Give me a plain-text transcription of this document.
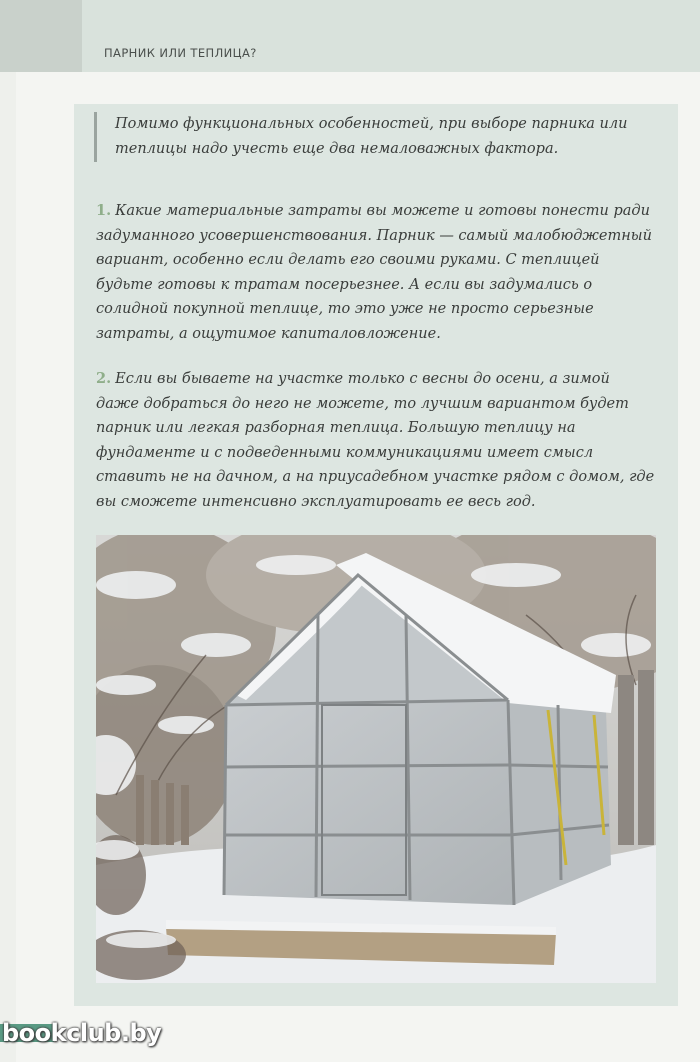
ПАРНИК ИЛИ ТЕПЛИЦА?
Помимо функциональных особенностей, при выборе парника или теплицы надо учесть еще два немаловажных фактора.
1. Какие материальные затраты вы можете и готовы понести ради задуманного усовершенствования. Парник — самый малобюджетный вариант, особенно если делать его своими руками. С теплицей будьте готовы к тратам посерьезнее. А если вы задумались о солидной покупной теплице, то это уже не просто серьезные затраты, а ощутимое капиталовложение.
2. Если вы бываете на участке только с весны до осени, а зимой даже добраться до него не можете, то лучшим вариантом будет парник или легкая разборная теплица. Большую теплицу на фундаменте и с подведенными коммуникациями имеет смысл ставить не на дачном, а на приусадебном участке рядом с домом, где вы сможете интенсивно эксплуатировать ее весь год.
bookclub.by
